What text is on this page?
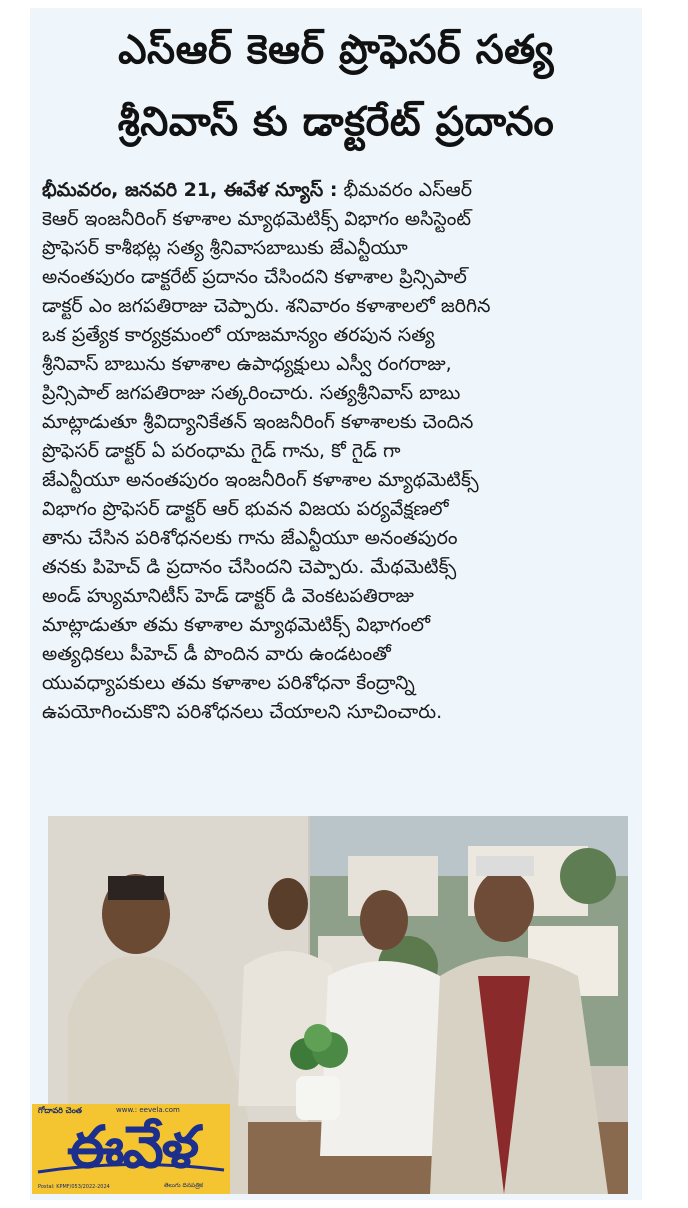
ఎస్ఆర్ కెఆర్ ప్రొఫెసర్ సత్య
శ్రీనివాస్ కు డాక్టరేట్ ప్రదానం
భీమవరం, జనవరి 21, ఈవేళ న్యూస్ : భీమవరం ఎస్ఆర్
కెఆర్ ఇంజనీరింగ్ కళాశాల మ్యాథమెటిక్స్ విభాగం అసిస్టెంట్
ప్రొఫెసర్ కాశీభట్ల సత్య శ్రీనివాసబాబుకు జేఎన్టీయూ
అనంతపురం డాక్టరేట్ ప్రదానం చేసిందని కళాశాల ప్రిన్సిపాల్
డాక్టర్ ఎం జగపతిరాజు చెప్పారు. శనివారం కళాశాలలో జరిగిన
ఒక ప్రత్యేక కార్యక్రమంలో యాజమాన్యం తరపున సత్య
శ్రీనివాస్ బాబును కళాశాల ఉపాధ్యక్షులు ఎస్వీ రంగరాజు,
ప్రిన్సిపాల్ జగపతిరాజు సత్కరించారు. సత్యశ్రీనివాస్ బాబు
మాట్లాడుతూ శ్రీవిద్యానికేతన్ ఇంజనీరింగ్ కళాశాలకు చెందిన
ప్రొఫెసర్ డాక్టర్ ఏ పరంధామ గైడ్ గాను, కో గైడ్ గా
జేఎన్టీయూ అనంతపురం ఇంజనీరింగ్ కళాశాల మ్యాథమెటిక్స్
విభాగం ప్రొఫెసర్ డాక్టర్ ఆర్ భువన విజయ పర్యవేక్షణలో
తాను చేసిన పరిశోధనలకు గాను జేఎన్టీయూ అనంతపురం
తనకు పిహెచ్ డి ప్రదానం చేసిందని చెప్పారు. మేథమెటిక్స్
అండ్ హ్యుమానిటీస్ హెడ్ డాక్టర్ డి వెంకటపతిరాజు
మాట్లాడుతూ తమ కళాశాల మ్యాథమెటిక్స్ విభాగంలో
అత్యధికలు పీహెచ్ డీ పొందిన వారు ఉండటంతో
యువధ్యాపకులు తమ కళాశాల పరిశోధనా కేంద్రాన్ని
ఉపయోగించుకొని పరిశోధనలు చేయాలని సూచించారు.
గోదావరి చెంత	www.: eevela.com
ఈవేళ
Postal: KPMF/053/2022-2024	తెలుగు దినపత్రిక
